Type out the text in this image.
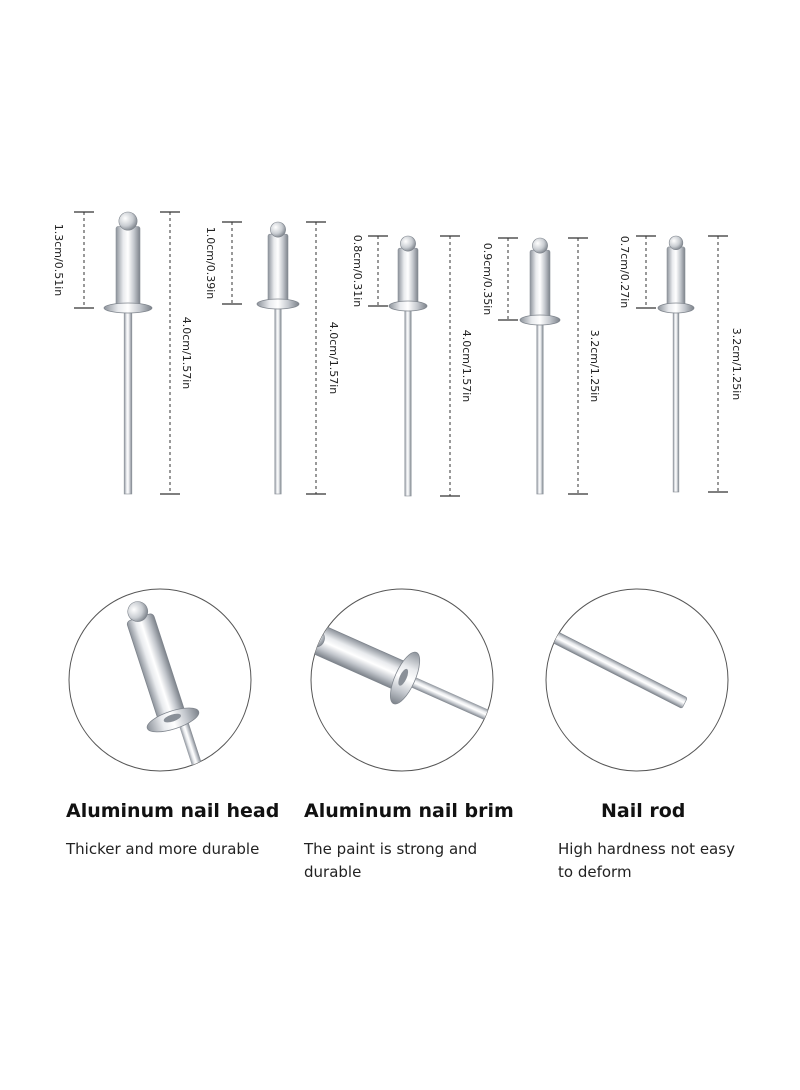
1.3cm/0.51in
4.0cm/1.57in
1.0cm/0.39in
4.0cm/1.57in
0.8cm/0.31in
4.0cm/1.57in
0.9cm/0.35in
3.2cm/1.25in
0.7cm/0.27in
3.2cm/1.25in

Aluminum nail head

Thicker and more durable

Aluminum nail brim

The paint is strong and durable

Nail rod

High hardness not easy to deform
